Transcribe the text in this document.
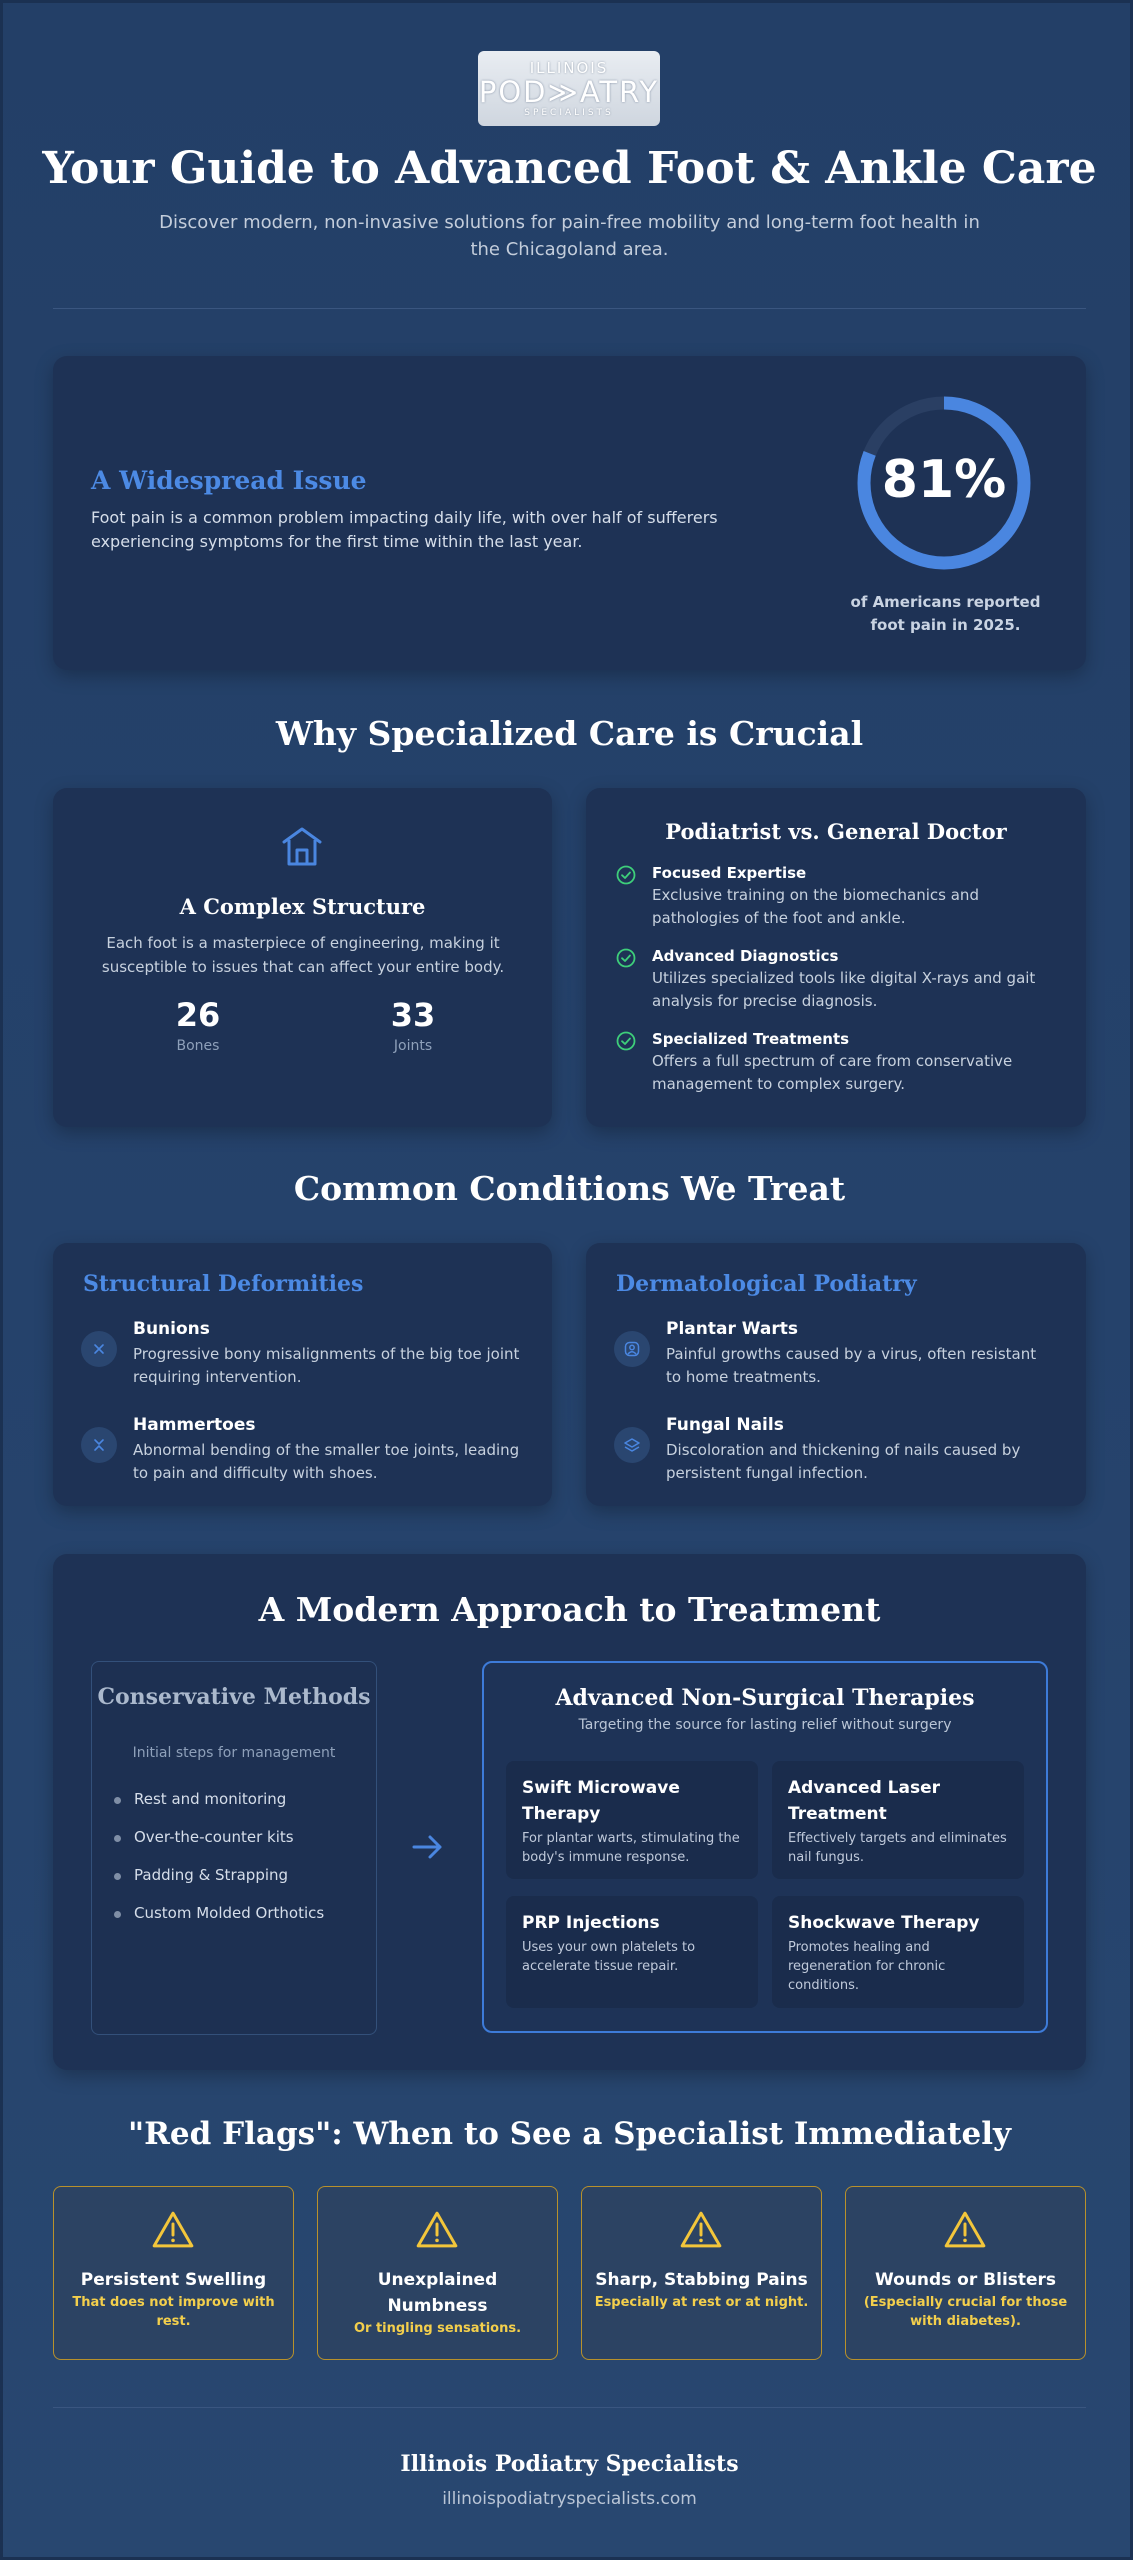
ILLINOIS
POD≫ATRY
SPECIALISTS
Your Guide to Advanced Foot & Ankle Care
Discover modern, non-invasive solutions for pain-free mobility and long-term foot health in the Chicagoland area.
A Widespread Issue
Foot pain is a common problem impacting daily life, with over half of sufferers experiencing symptoms for the first time within the last year.
81%
of Americans reported foot pain in 2025.
Why Specialized Care is Crucial
A Complex Structure
Each foot is a masterpiece of engineering, making it susceptible to issues that can affect your entire body.
26
Bones
33
Joints
Podiatrist vs. General Doctor
Focused Expertise
Exclusive training on the biomechanics and pathologies of the foot and ankle.
Advanced Diagnostics
Utilizes specialized tools like digital X-rays and gait analysis for precise diagnosis.
Specialized Treatments
Offers a full spectrum of care from conservative management to complex surgery.
Common Conditions We Treat
Structural Deformities
Bunions
Progressive bony misalignments of the big toe joint requiring intervention.
Hammertoes
Abnormal bending of the smaller toe joints, leading to pain and difficulty with shoes.
Dermatological Podiatry
Plantar Warts
Painful growths caused by a virus, often resistant to home treatments.
Fungal Nails
Discoloration and thickening of nails caused by persistent fungal infection.
A Modern Approach to Treatment
Conservative Methods
Initial steps for management
Rest and monitoring
Over-the-counter kits
Padding & Strapping
Custom Molded Orthotics
Advanced Non-Surgical Therapies
Targeting the source for lasting relief without surgery
Swift Microwave Therapy
For plantar warts, stimulating the body's immune response.
Advanced Laser Treatment
Effectively targets and eliminates nail fungus.
PRP Injections
Uses your own platelets to accelerate tissue repair.
Shockwave Therapy
Promotes healing and regeneration for chronic conditions.
"Red Flags": When to See a Specialist Immediately
Persistent Swelling
That does not improve with rest.
Unexplained Numbness
Or tingling sensations.
Sharp, Stabbing Pains
Especially at rest or at night.
Wounds or Blisters
(Especially crucial for those with diabetes).
Illinois Podiatry Specialists
illinoispodiatryspecialists.com
